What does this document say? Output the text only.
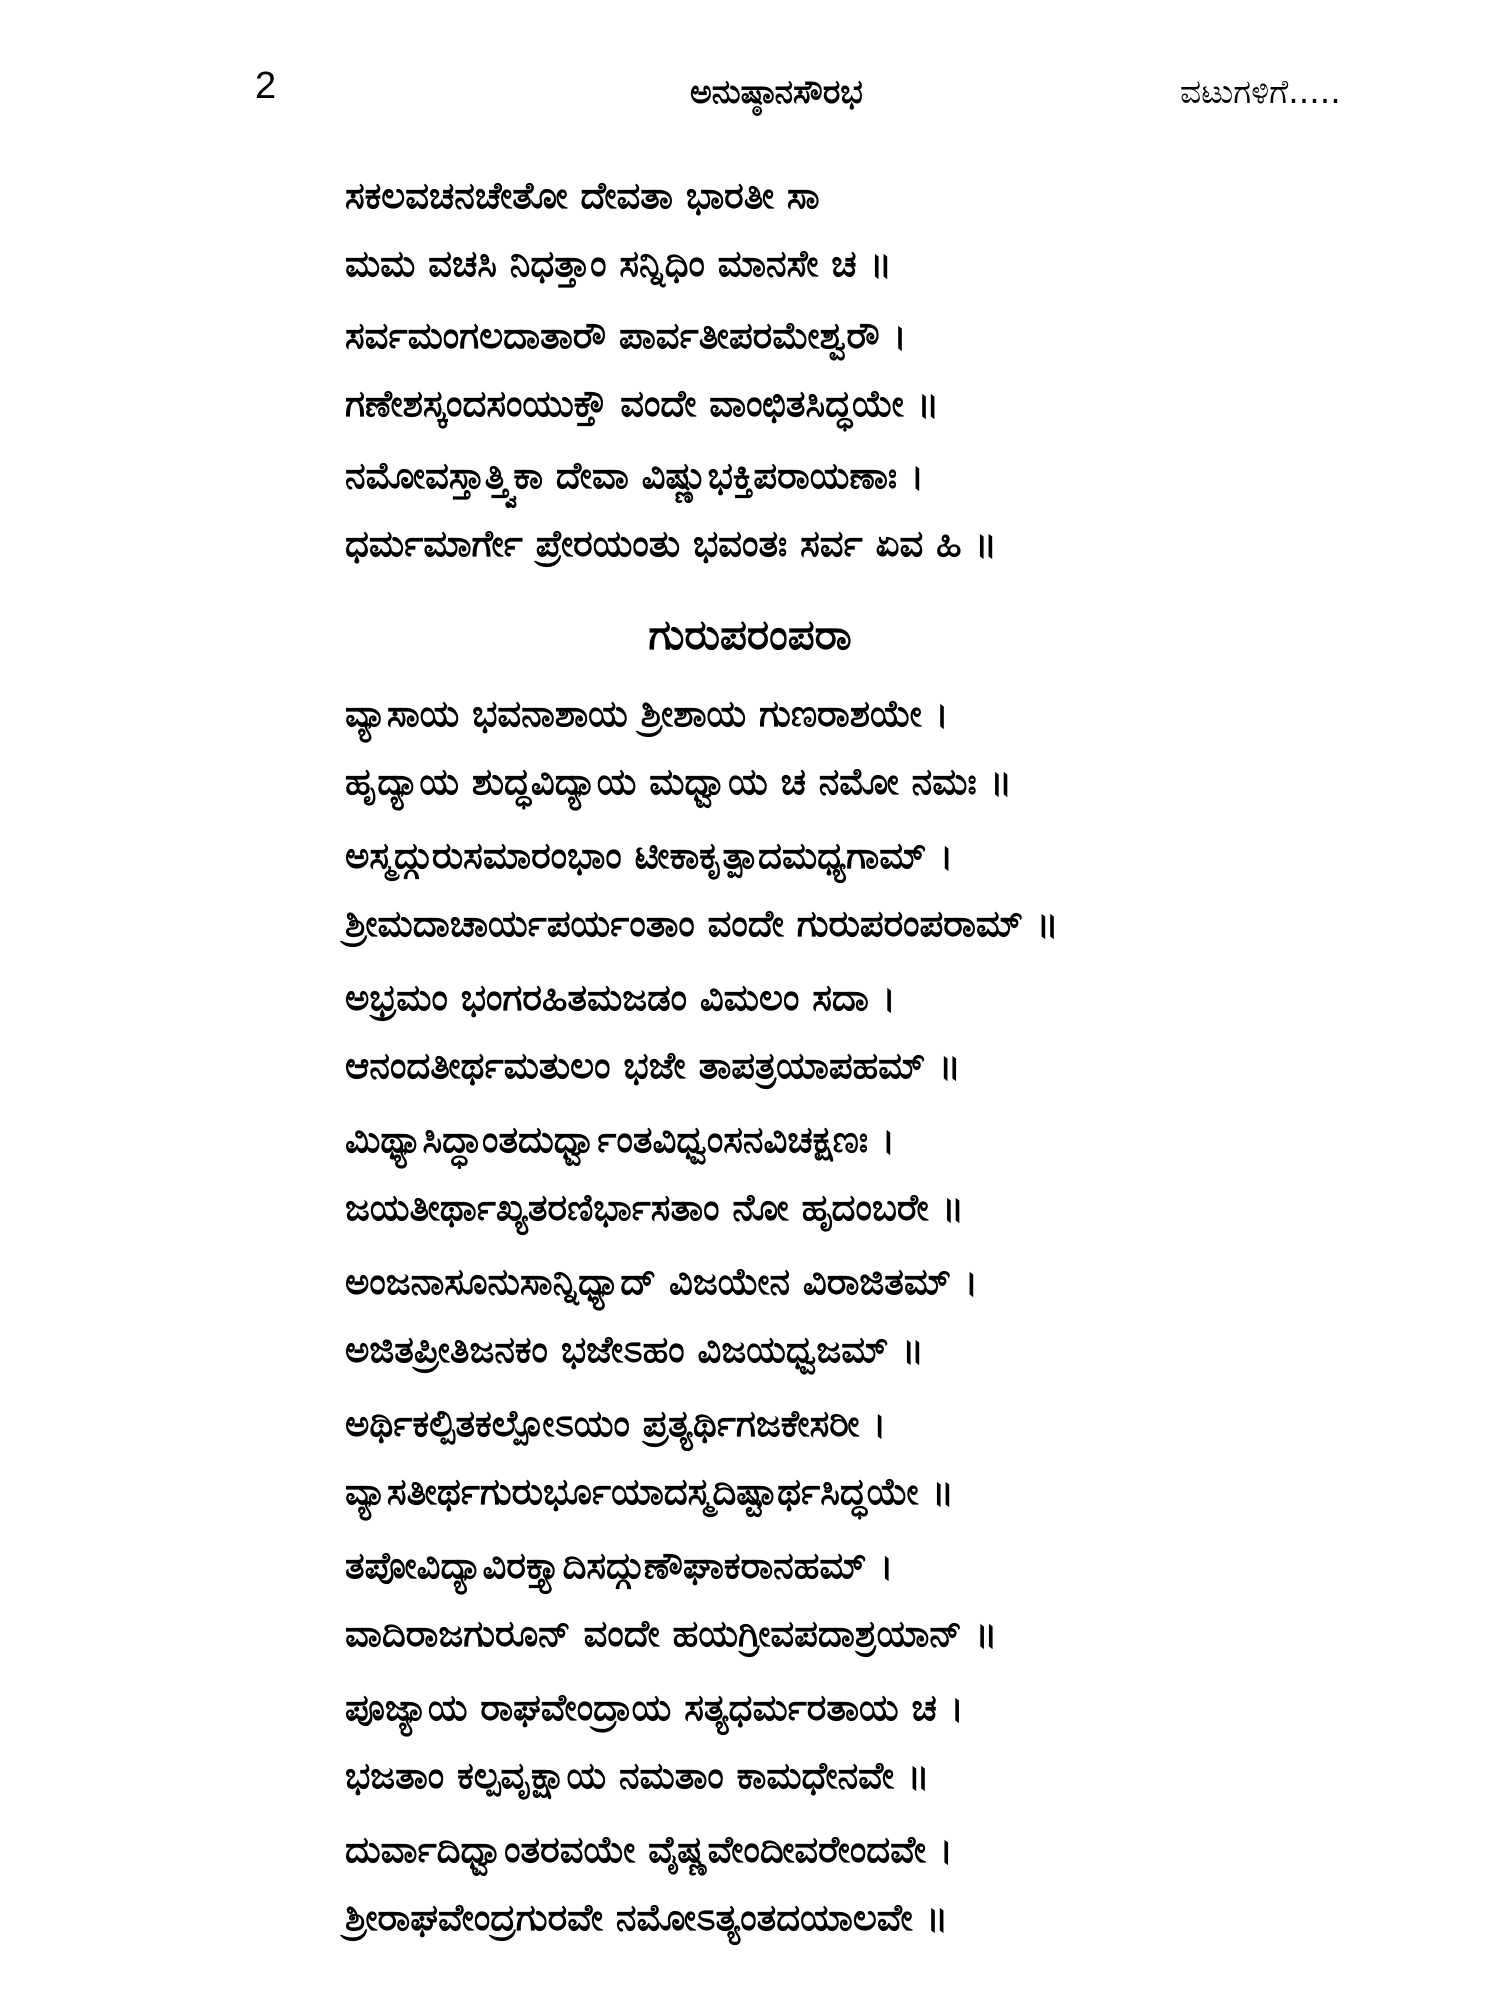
2	ಅನುಷ್ಠಾನಸೌರಭ	ವಟುಗಳಿಗೆ.....
ಸಕಲವಚನಚೇತೋ ದೇವತಾ ಭಾರತೀ ಸಾ
ಮಮ ವಚಸಿ ನಿಧತ್ತಾಂ ಸನ್ನಿಧಿಂ ಮಾನಸೇ ಚ ॥
ಸರ್ವಮಂಗಲದಾತಾರೌ ಪಾರ್ವತೀಪರಮೇಶ್ವರೌ ।
ಗಣೇಶಸ್ಕಂದಸಂಯುಕ್ತೌ ವಂದೇ ವಾಂಛಿತಸಿದ್ಧಯೇ ॥
ನಮೋವಸ್ತಾತ್ತ್ವಿಕಾ ದೇವಾ ವಿಷ್ಣುಭಕ್ತಿಪರಾಯಣಾಃ ।
ಧರ್ಮಮಾರ್ಗೇ ಪ್ರೇರಯಂತು ಭವಂತಃ ಸರ್ವ ಏವ ಹಿ ॥
ಗುರುಪರಂಪರಾ
ವ್ಯಾಸಾಯ ಭವನಾಶಾಯ ಶ್ರೀಶಾಯ ಗುಣರಾಶಯೇ ।
ಹೃದ್ಯಾಯ ಶುದ್ಧವಿದ್ಯಾಯ ಮಧ್ವಾಯ ಚ ನಮೋ ನಮಃ ॥
ಅಸ್ಮದ್ಗುರುಸಮಾರಂಭಾಂ ಟೀಕಾಕೃತ್ಪಾದಮಧ್ಯಗಾಮ್ ।
ಶ್ರೀಮದಾಚಾರ್ಯಪರ್ಯಂತಾಂ ವಂದೇ ಗುರುಪರಂಪರಾಮ್ ॥
ಅಭ್ರಮಂ ಭಂಗರಹಿತಮಜಡಂ ವಿಮಲಂ ಸದಾ ।
ಆನಂದತೀರ್ಥಮತುಲಂ ಭಜೇ ತಾಪತ್ರಯಾಪಹಮ್ ॥
ಮಿಥ್ಯಾಸಿದ್ಧಾಂತದುರ್ಧ್ವಾಂತವಿಧ್ವಂಸನವಿಚಕ್ಷಣಃ ।
ಜಯತೀರ್ಥಾಖ್ಯತರಣಿರ್ಭಾಸತಾಂ ನೋ ಹೃದಂಬರೇ ॥
ಅಂಜನಾಸೂನುಸಾನ್ನಿಧ್ಯಾದ್ ವಿಜಯೇನ ವಿರಾಜಿತಮ್ ।
ಅಜಿತಪ್ರೀತಿಜನಕಂ ಭಜೇಽಹಂ ವಿಜಯಧ್ವಜಮ್ ॥
ಅರ್ಥಿಕಲ್ಪಿತಕಲ್ಪೋಽಯಂ ಪ್ರತ್ಯರ್ಥಿಗಜಕೇಸರೀ ।
ವ್ಯಾಸತೀರ್ಥಗುರುರ್ಭೂಯಾದಸ್ಮದಿಷ್ಟಾರ್ಥಸಿದ್ಧಯೇ ॥
ತಪೋವಿದ್ಯಾವಿರಕ್ತ್ಯಾದಿಸದ್ಗುಣೌಘಾಕರಾನಹಮ್ ।
ವಾದಿರಾಜಗುರೂನ್ ವಂದೇ ಹಯಗ್ರೀವಪದಾಶ್ರಯಾನ್ ॥
ಪೂಜ್ಯಾಯ ರಾಘವೇಂದ್ರಾಯ ಸತ್ಯಧರ್ಮರತಾಯ ಚ ।
ಭಜತಾಂ ಕಲ್ಪವೃಕ್ಷಾಯ ನಮತಾಂ ಕಾಮಧೇನವೇ ॥
ದುರ್ವಾದಿಧ್ವಾಂತರವಯೇ ವೈಷ್ಣವೇಂದೀವರೇಂದವೇ ।
ಶ್ರೀರಾಘವೇಂದ್ರಗುರವೇ ನಮೋಽತ್ಯಂತದಯಾಲವೇ ॥
